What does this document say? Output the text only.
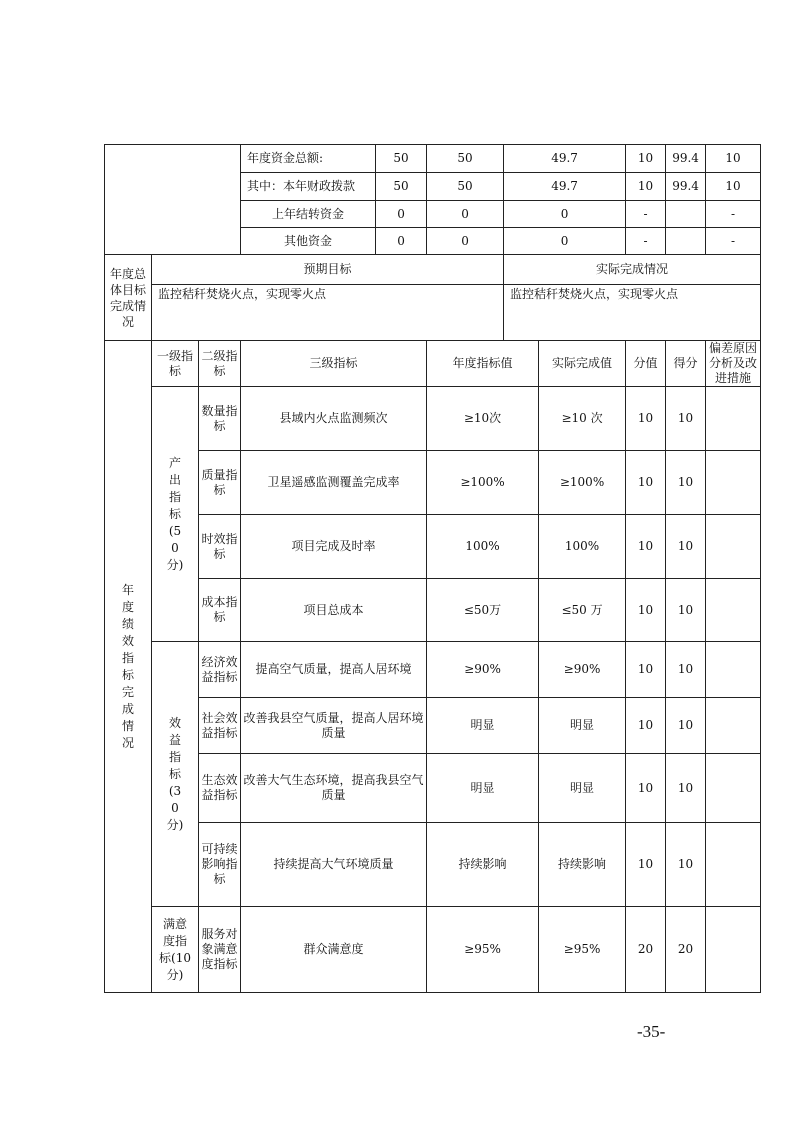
			年度资金总额:	50	50	49.7		10	99.4	10
			其中：本年财政拨款	50	50	49.7		10	99.4	10
			上年结转资金	0	0	0		-		-
			其他资金	0	0	0		-		-
年度总体目标完成情况	预期目标					实际完成情况				
	监控秸秆焚烧火点，实现零火点					监控秸秆焚烧火点，实现零火点				
年度绩效指标完成情况	一级指标	二级指标	三级指标		年度指标值		实际完成值	分值	得分	偏差原因分析及改进措施
	产出指标(50分)	数量指标	县域内火点监测频次		≥10次		≥10 次	10	10	
		质量指标	卫星遥感监测覆盖完成率		≥100%		≥100%	10	10	
		时效指标	项目完成及时率		100%		100%	10	10	
		成本指标	项目总成本		≤50万		≤50 万	10	10	
	效益指标(30分)	经济效益指标	提高空气质量，提高人居环境		≥90%		≥90%	10	10	
		社会效益指标	改善我县空气质量，提高人居环境质量		明显		明显	10	10	
		生态效益指标	改善大气生态环境，提高我县空气质量		明显		明显	10	10	
		可持续影响指标	持续提高大气环境质量		持续影响		持续影响	10	10	
	满意度指标(10分)	服务对象满意度指标	群众满意度		≥95%		≥95%	20	20	
-35-
